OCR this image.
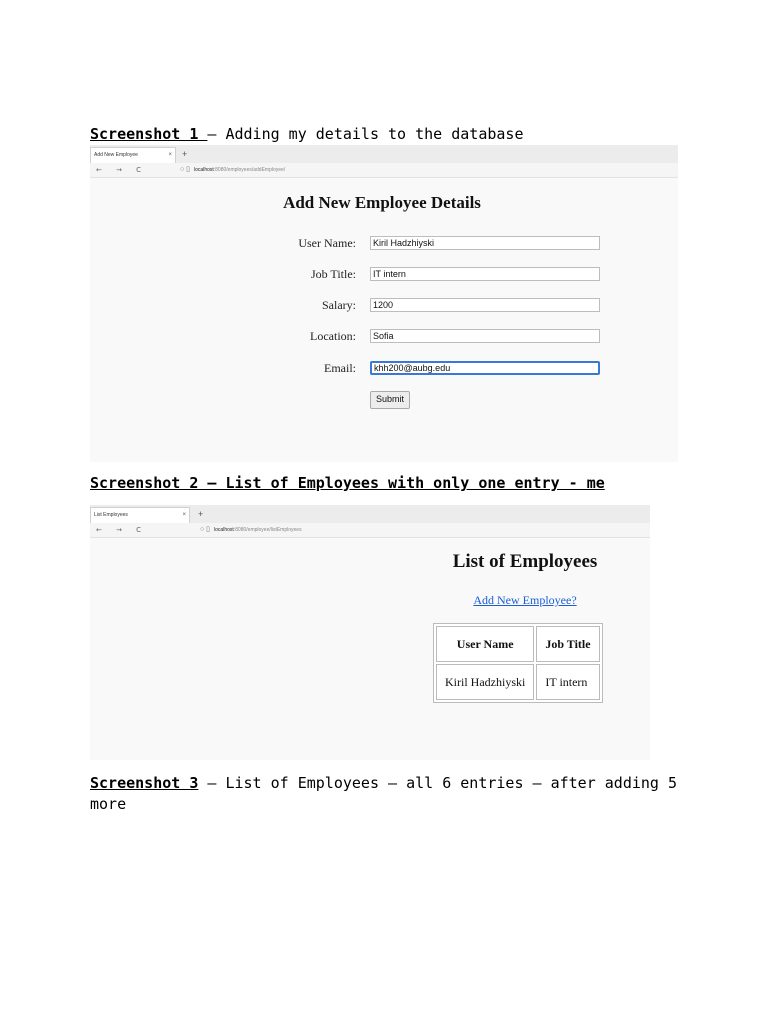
Screenshot 1 – Adding my details to the database
Add New Employee	× +
← → C	○ ▯ localhost:8080/employees/addEmployee/
Add New Employee Details
User Name:	Kiril Hadzhiyski
Job Title:	IT intern
Salary:	1200
Location:	Sofia
Email:	khh200@aubg.edu
Submit
Screenshot 2 – List of Employees with only one entry - me
List Employees	× +
← → C	○ ▯ localhost:8080/employee/listEmployees
List of Employees
Add New Employee?
User Name	Job Title
Kiril Hadzhiyski	IT intern
Screenshot 3 – List of Employees – all 6 entries – after adding 5 more
